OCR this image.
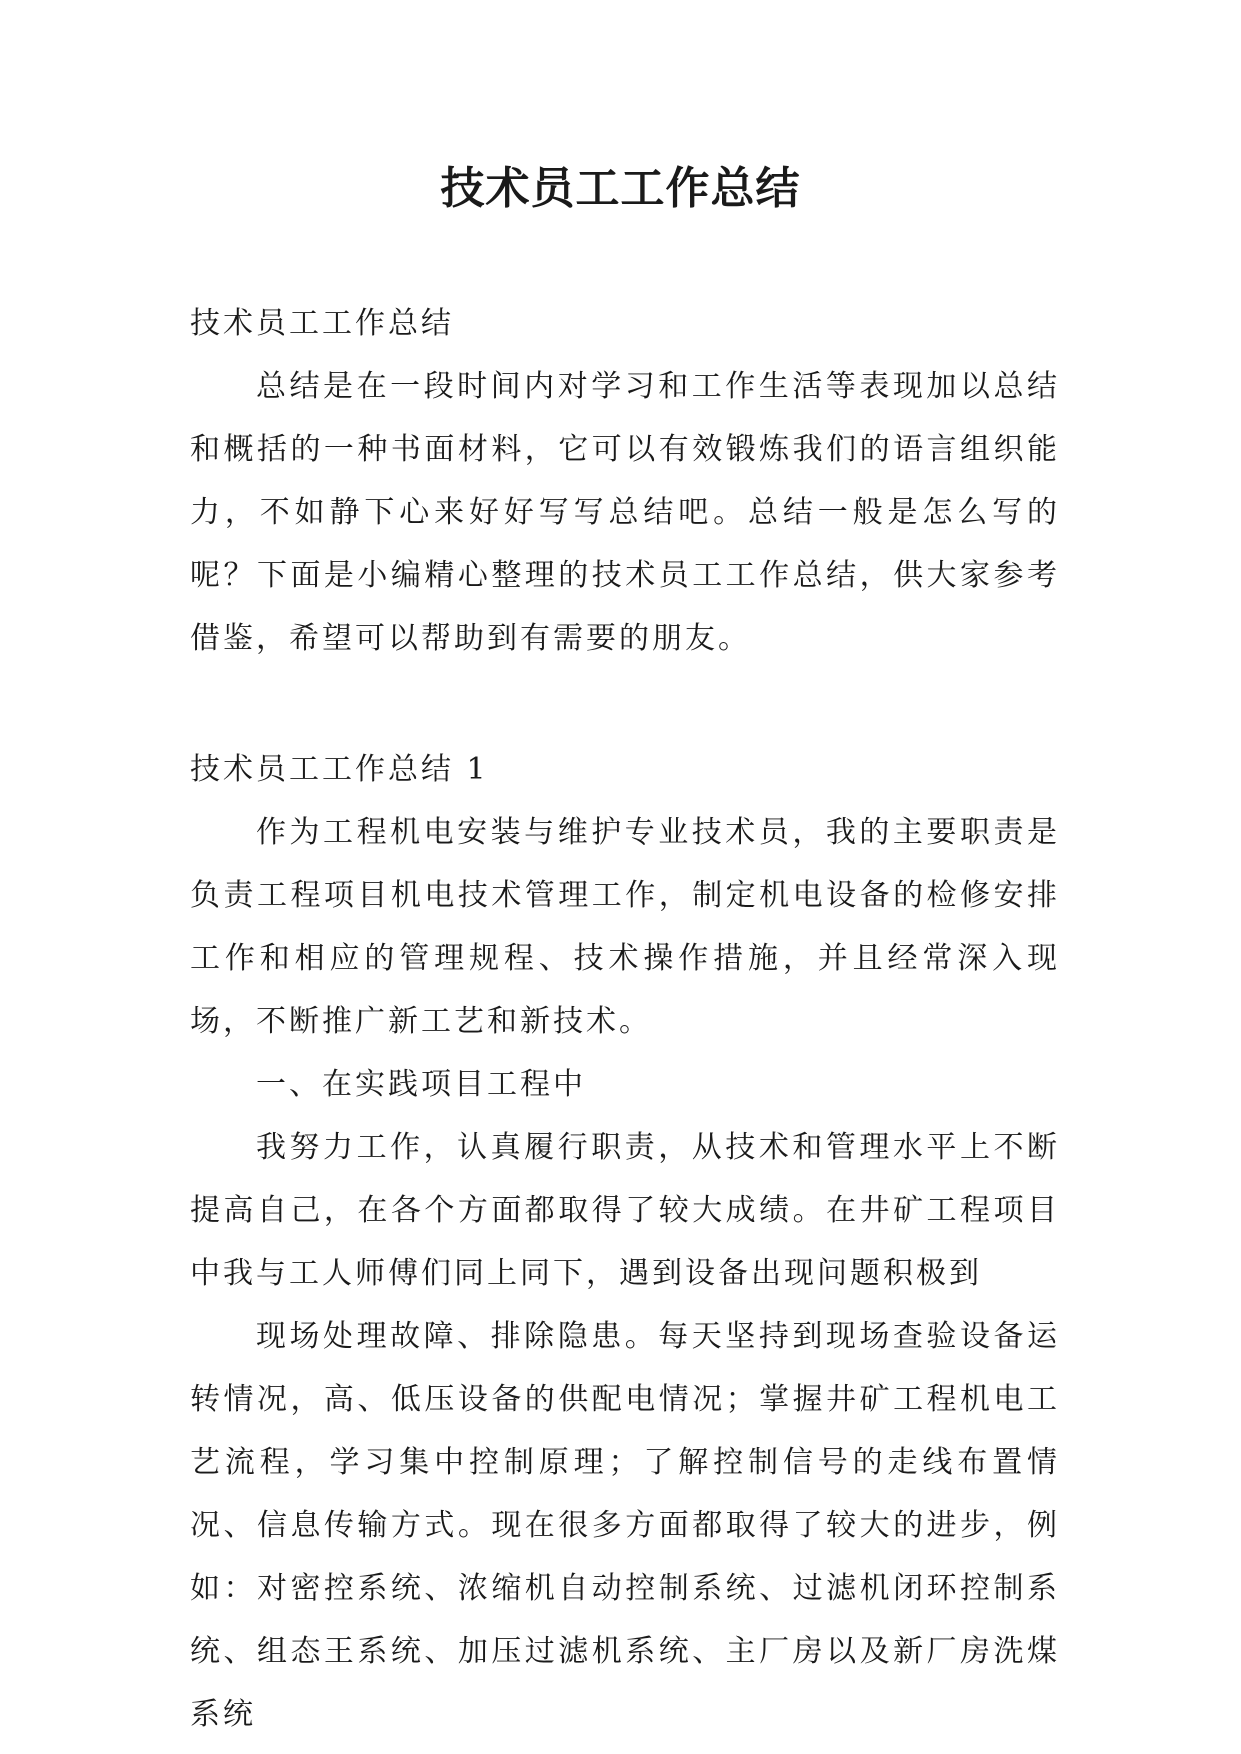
技术员工工作总结

技术员工工作总结

总结是在一段时间内对学习和工作生活等表现加以总结和概括的一种书面材料，它可以有效锻炼我们的语言组织能力，不如静下心来好好写写总结吧。总结一般是怎么写的呢？下面是小编精心整理的技术员工工作总结，供大家参考借鉴，希望可以帮助到有需要的朋友。

技术员工工作总结 1

作为工程机电安装与维护专业技术员，我的主要职责是负责工程项目机电技术管理工作，制定机电设备的检修安排工作和相应的管理规程、技术操作措施，并且经常深入现场，不断推广新工艺和新技术。

一、在实践项目工程中

我努力工作，认真履行职责，从技术和管理水平上不断提高自己，在各个方面都取得了较大成绩。在井矿工程项目中我与工人师傅们同上同下，遇到设备出现问题积极到

现场处理故障、排除隐患。每天坚持到现场查验设备运转情况，高、低压设备的供配电情况；掌握井矿工程机电工艺流程，学习集中控制原理；了解控制信号的走线布置情况、信息传输方式。现在很多方面都取得了较大的进步，例如：对密控系统、浓缩机自动控制系统、过滤机闭环控制系统、组态王系统、加压过滤机系统、主厂房以及新厂房洗煤系统
